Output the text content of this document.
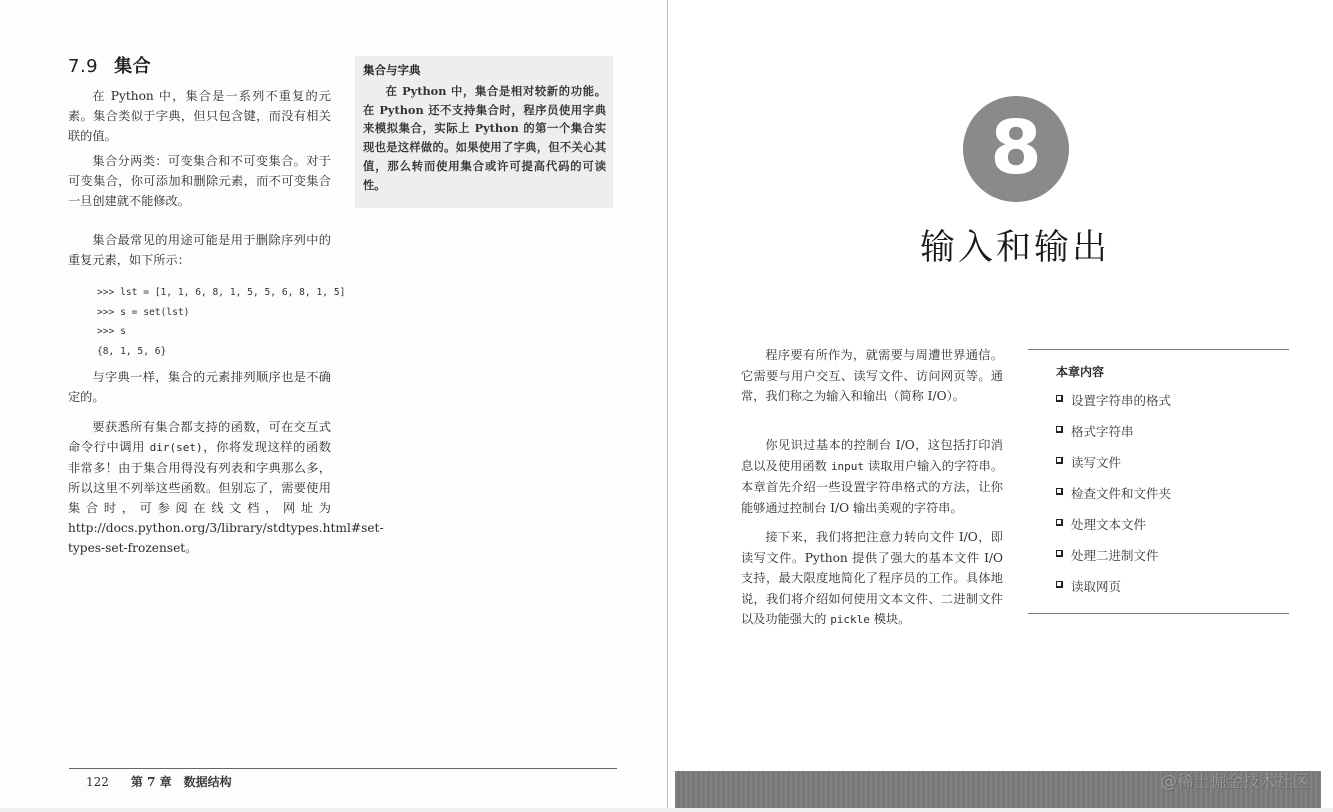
7.9 集合

在 Python 中，集合是一系列不重复的元素。集合类似于字典，但只包含键，而没有相关联的值。

集合分两类：可变集合和不可变集合。对于可变集合，你可添加和删除元素，而不可变集合一旦创建就不能修改。

集合最常见的用途可能是用于删除序列中的重复元素，如下所示：

>>> lst = [1, 1, 6, 8, 1, 5, 5, 6, 8, 1, 5]
>>> s = set(lst)
>>> s
{8, 1, 5, 6}

与字典一样，集合的元素排列顺序也是不确定的。

要获悉所有集合都支持的函数，可在交互式命令行中调用 dir(set)，你将发现这样的函数非常多！由于集合用得没有列表和字典那么多，所以这里不列举这些函数。但别忘了，需要使用集合时，可参阅在线文档，网址为 http://docs.python.org/3/library/stdtypes.html#set-types-set-frozenset。

集合与字典
在 Python 中，集合是相对较新的功能。在 Python 还不支持集合时，程序员使用字典来模拟集合，实际上 Python 的第一个集合实现也是这样做的。如果使用了字典，但不关心其值，那么转而使用集合或许可提高代码的可读性。
122 第 7 章　数据结构
8
输入和输出

程序要有所作为，就需要与周遭世界通信。它需要与用户交互、读写文件、访问网页等。通常，我们称之为输入和输出（简称 I/O）。

你见识过基本的控制台 I/O，这包括打印消息以及使用函数 input 读取用户输入的字符串。本章首先介绍一些设置字符串格式的方法，让你能够通过控制台 I/O 输出美观的字符串。

接下来，我们将把注意力转向文件 I/O，即读写文件。Python 提供了强大的基本文件 I/O 支持，最大限度地简化了程序员的工作。具体地说，我们将介绍如何使用文本文件、二进制文件以及功能强大的 pickle 模块。

本章内容
设置字符串的格式
格式字符串
读写文件
检查文件和文件夹
处理文本文件
处理二进制文件
读取网页
@稀土掘金技术社区
